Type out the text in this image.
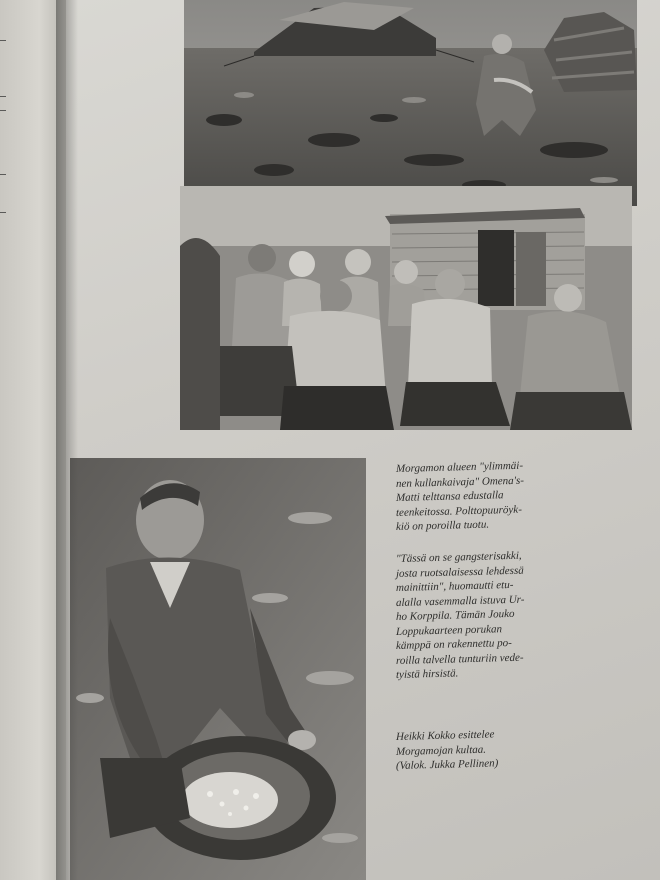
Morgamon alueen "ylimmäi-
nen kullankaivaja" Omena's-
Matti telttansa edustalla
teenkeitossa. Polttopuuröyk-
kiö on poroilla tuotu.
"Tässä on se gangsterisakki,
josta ruotsalaisessa lehdessä
mainittiin", huomautti etu-
alalla vasemmalla istuva Ur-
ho Korppila. Tämän Jouko
Loppukaarteen porukan
kämppä on rakennettu po-
roilla talvella tunturiin vede-
tyistä hirsistä.
Heikki Kokko esittelee
Morgamojan kultaa.
(Valok. Jukka Pellinen)
